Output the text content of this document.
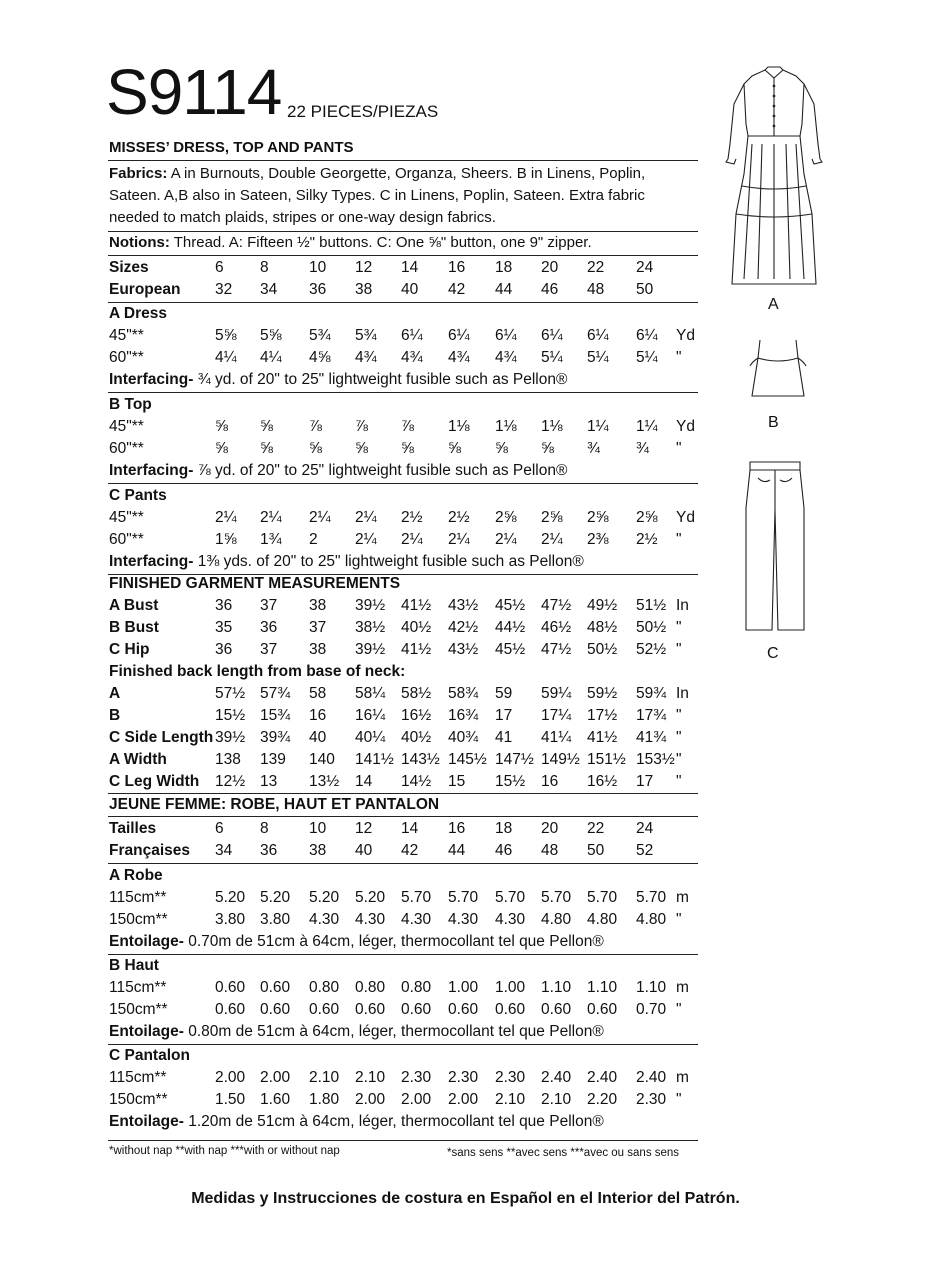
S9114 22 PIECES/PIEZAS
MISSES’ DRESS, TOP AND PANTS
Fabrics: A in Burnouts, Double Georgette, Organza, Sheers. B in Linens, Poplin, Sateen. A,B also in Sateen, Silky Types. C in Linens, Poplin, Sateen. Extra fabric needed to match plaids, stripes or one-way design fabrics.
Notions: Thread. A: Fifteen ½" buttons. C: One ⅝" button, one 9" zipper.
Sizes	6 8	10 12 14 16 18 20 22 24
European 32 34 36 38 40 42 44 46 48 50
A Dress
45"**	5⅝ 5⅝ 5¾ 5¾ 6¼ 6¼ 6¼ 6¼ 6¼ 6¼ Yd
60"**	4¼ 4¼ 4⅝ 4¾ 4¾ 4¾ 4¾ 5¼ 5¼ 5¼ "
Interfacing- ¾ yd. of 20" to 25" lightweight fusible such as Pellon®
B Top
45"**	⅝ ⅝ ⅞ ⅞ ⅞ 1⅛ 1⅛ 1⅛ 1¼ 1¼ Yd
60"**	⅝ ⅝ ⅝ ⅝ ⅝ ⅝ ⅝ ⅝ ¾ ¾ "
Interfacing- ⅞ yd. of 20" to 25" lightweight fusible such as Pellon®
C Pants
45"**	2¼ 2¼ 2¼ 2¼ 2½ 2½ 2⅝ 2⅝ 2⅝ 2⅝ Yd
60"**	1⅝ 1¾ 2 2¼ 2¼ 2¼ 2¼ 2¼ 2⅜ 2½ "
Interfacing- 1⅜ yds. of 20" to 25" lightweight fusible such as Pellon®
FINISHED GARMENT MEASUREMENTS
A Bust	36 37 38 39½ 41½ 43½ 45½ 47½ 49½ 51½ In
B Bust	35 36 37 38½ 40½ 42½ 44½ 46½ 48½ 50½ "
C Hip	36 37 38 39½ 41½ 43½ 45½ 47½ 50½ 52½ "
Finished back length from base of neck:
A	57½ 57¾ 58 58¼ 58½ 58¾ 59 59¼ 59½ 59¾ In
B	15½ 15¾ 16 16¼ 16½ 16¾ 17 17¼ 17½ 17¾ "
C Side Length 39½ 39¾ 40 40¼ 40½ 40¾ 41 41¼ 41½ 41¾ "
A Width	138 139 140 141½ 143½ 145½ 147½ 149½ 151½ 153½ "
C Leg Width 12½ 13 13½ 14 14½ 15 15½ 16 16½ 17 "
JEUNE FEMME: ROBE, HAUT ET PANTALON
Tailles	6 8	10 12 14 16 18 20 22 24
Françaises 34 36 38 40 42 44 46 48 50 52
A Robe
115cm**	5.20 5.20 5.20 5.20 5.70 5.70 5.70 5.70 5.70 5.70 m
150cm**	3.80 3.80 4.30 4.30 4.30 4.30 4.30 4.80 4.80 4.80 "
Entoilage- 0.70m de 51cm à 64cm, léger, thermocollant tel que Pellon®
B Haut
115cm**	0.60 0.60 0.80 0.80 0.80 1.00 1.00 1.10 1.10 1.10 m
150cm**	0.60 0.60 0.60 0.60 0.60 0.60 0.60 0.60 0.60 0.70 "
Entoilage- 0.80m de 51cm à 64cm, léger, thermocollant tel que Pellon®
C Pantalon
115cm**	2.00 2.00 2.10 2.10 2.30 2.30 2.30 2.40 2.40 2.40 m
150cm**	1.50 1.60 1.80 2.00 2.00 2.00 2.10 2.10 2.20 2.30 "
Entoilage- 1.20m de 51cm à 64cm, léger, thermocollant tel que Pellon®
*without nap **with nap ***with or without nap	*sans sens **avec sens ***avec ou sans sens
Medidas y Instrucciones de costura en Español en el Interior del Patrón.
A
B
C
